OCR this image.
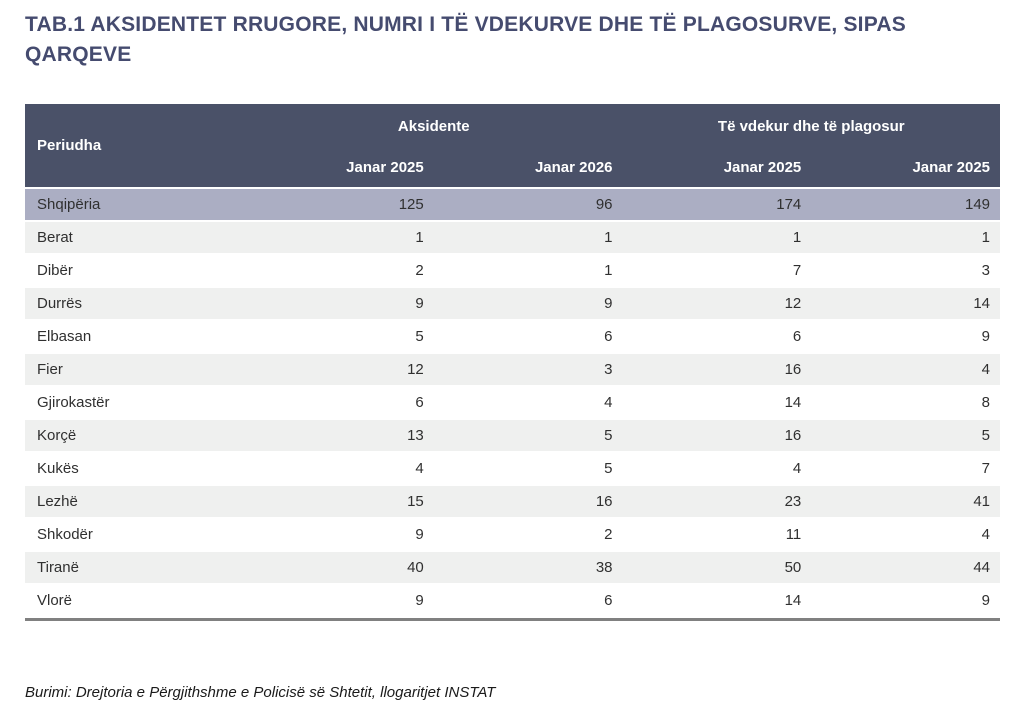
TAB.1 AKSIDENTET RRUGORE, NUMRI I TË VDEKURVE DHE TË PLAGOSURVE, SIPAS
QARQEVE
Periudha	Aksidente		Të vdekur dhe të plagosur	
	Janar 2025	Janar 2026	Janar 2025	Janar 2025
Shqipëria	125	96	174	149
Berat	1	1	1	1
Dibër	2	1	7	3
Durrës	9	9	12	14
Elbasan	5	6	6	9
Fier	12	3	16	4
Gjirokastër	6	4	14	8
Korçë	13	5	16	5
Kukës	4	5	4	7
Lezhë	15	16	23	41
Shkodër	9	2	11	4
Tiranë	40	38	50	44
Vlorë	9	6	14	9

Burimi: Drejtoria e Përgjithshme e Policisë së Shtetit, llogaritjet INSTAT
